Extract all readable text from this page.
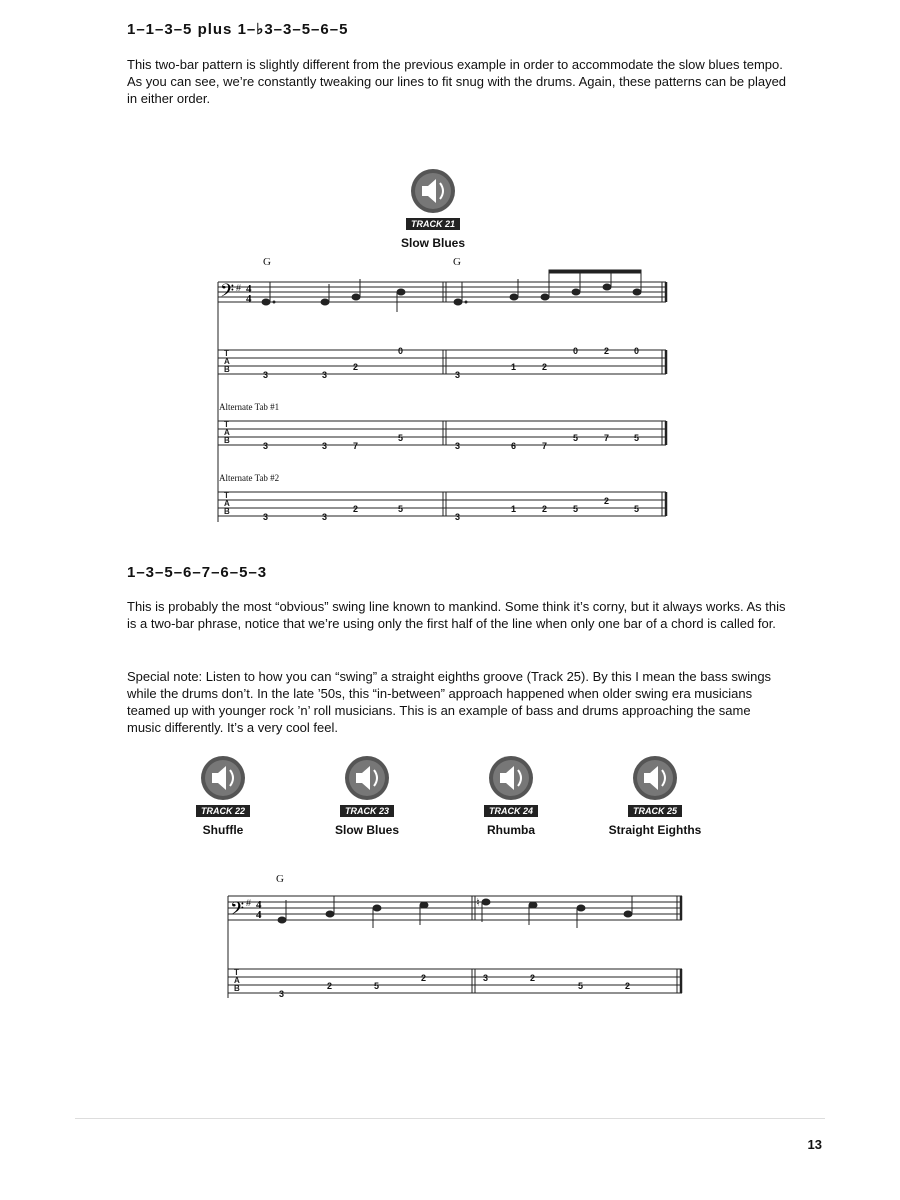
1–1–3–5 plus 1–♭3–3–5–6–5

This two-bar pattern is slightly different from the previous example in order to accommodate the slow blues tempo. As you can see, we’re constantly tweaking our lines to fit snug with the drums. Again, these patterns can be played in either order.

TRACK 21
Slow Blues
𝄢 # 4
4
T
A
B
T
A
B
T
A
B
G	G
Alternate Tab #1
Alternate Tab #2
3	3
2
0
3
1	2
0	2	0
3	3	7
5
3	6	7
5	7	5
3	3
2	5
3
1	2	5
2
5
1–3–5–6–7–6–5–3

This is probably the most “obvious” swing line known to mankind. Some think it’s corny, but it always works. As this is a two-bar phrase, notice that we’re using only the first half of the line when only one bar of a chord is called for.

Special note: Listen to how you can “swing” a straight eighths groove (Track 25). By this I mean the bass swings while the drums don’t. In the late ’50s, this “in-between” approach happened when older swing era musicians teamed up with younger rock ’n’ roll musicians. This is an example of bass and drums approaching the same music differently. It’s a very cool feel.

TRACK 22
Shuffle
TRACK 23
Slow Blues
TRACK 24
Rhumba
TRACK 25
Straight Eighths
𝄢 # 4
4
♮
T
A
B
G
3
2	5
2	3	2
5	2
13
